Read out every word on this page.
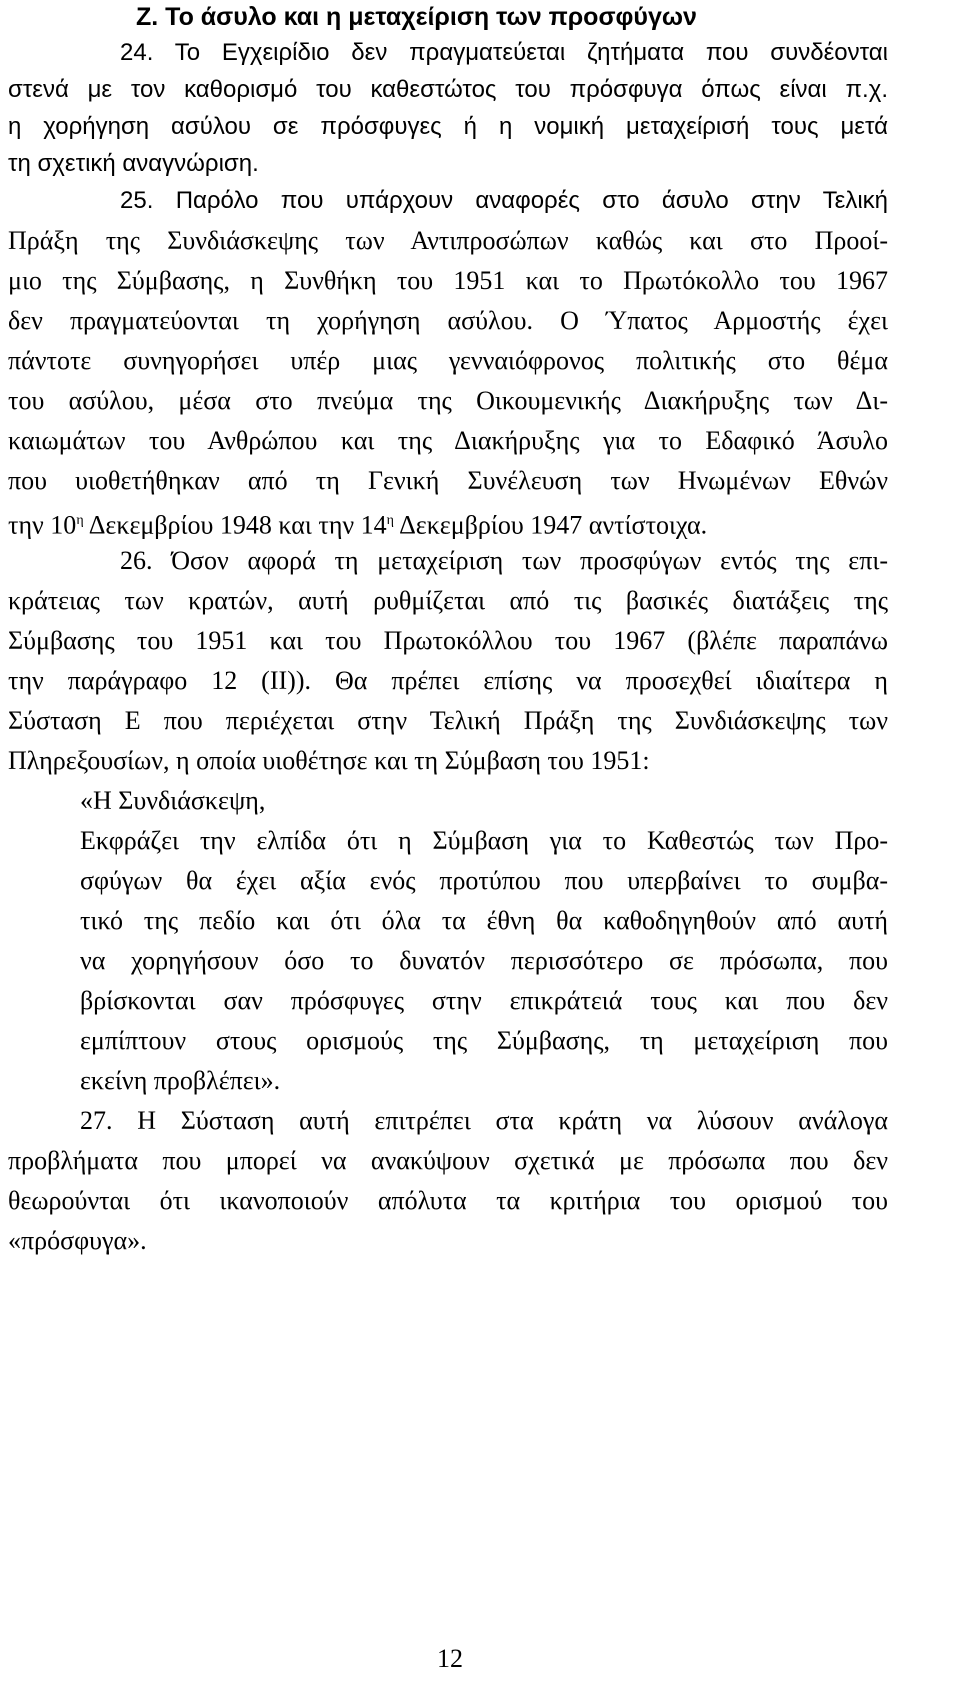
Ζ. Το άσυλο και η μεταχείριση των προσφύγων
24. Το Εγχειρίδιο δεν πραγματεύεται ζητήματα που συνδέονται
στενά με τον καθορισμό του καθεστώτος του πρόσφυγα όπως είναι π.χ.
η χορήγηση ασύλου σε πρόσφυγες ή η νομική μεταχείρισή τους μετά
τη σχετική αναγνώριση.
25. Παρόλο που υπάρχουν αναφορές στο άσυλο στην Τελική
Πράξη της Συνδιάσκεψης των Αντιπροσώπων καθώς και στο Προοί-
μιο της Σύμβασης, η Συνθήκη του 1951 και το Πρωτόκολλο του 1967
δεν πραγματεύονται τη χορήγηση ασύλου. Ο Ύπατος Αρμοστής έχει
πάντοτε συνηγορήσει υπέρ μιας γενναιόφρονος πολιτικής στο θέμα
του ασύλου, μέσα στο πνεύμα της Οικουμενικής Διακήρυξης των Δι-
καιωμάτων του Ανθρώπου και της Διακήρυξης για το Εδαφικό Άσυλο
που υιοθετήθηκαν από τη Γενική Συνέλευση των Ηνωμένων Εθνών
την $10^\eta$ Δεκεμβρίου 1948 και την $14^\eta$ Δεκεμβρίου 1947 αντίστοιχα.
26. Όσον αφορά τη μεταχείριση των προσφύγων εντός της επι-
κράτειας των κρατών, αυτή ρυθμίζεται από τις βασικές διατάξεις της
Σύμβασης του 1951 και του Πρωτοκόλλου του 1967 (βλέπε παραπάνω
την παράγραφο 12 (ΙΙ)). Θα πρέπει επίσης να προσεχθεί ιδιαίτερα η
Σύσταση Ε που περιέχεται στην Τελική Πράξη της Συνδιάσκεψης των
Πληρεξουσίων, η οποία υιοθέτησε και τη Σύμβαση του 1951:
«Η Συνδιάσκεψη,
Εκφράζει την ελπίδα ότι η Σύμβαση για το Καθεστώς των Προ-
σφύγων θα έχει αξία ενός προτύπου που υπερβαίνει το συμβα-
τικό της πεδίο και ότι όλα τα έθνη θα καθοδηγηθούν από αυτή
να χορηγήσουν όσο το δυνατόν περισσότερο σε πρόσωπα, που
βρίσκονται σαν πρόσφυγες στην επικράτειά τους και που δεν
εμπίπτουν στους ορισμούς της Σύμβασης, τη μεταχείριση που
εκείνη προβλέπει».
27. Η Σύσταση αυτή επιτρέπει στα κράτη να λύσουν ανάλογα
προβλήματα που μπορεί να ανακύψουν σχετικά με πρόσωπα που δεν
θεωρούνται ότι ικανοποιούν απόλυτα τα κριτήρια του ορισμού του
«πρόσφυγα».
12
